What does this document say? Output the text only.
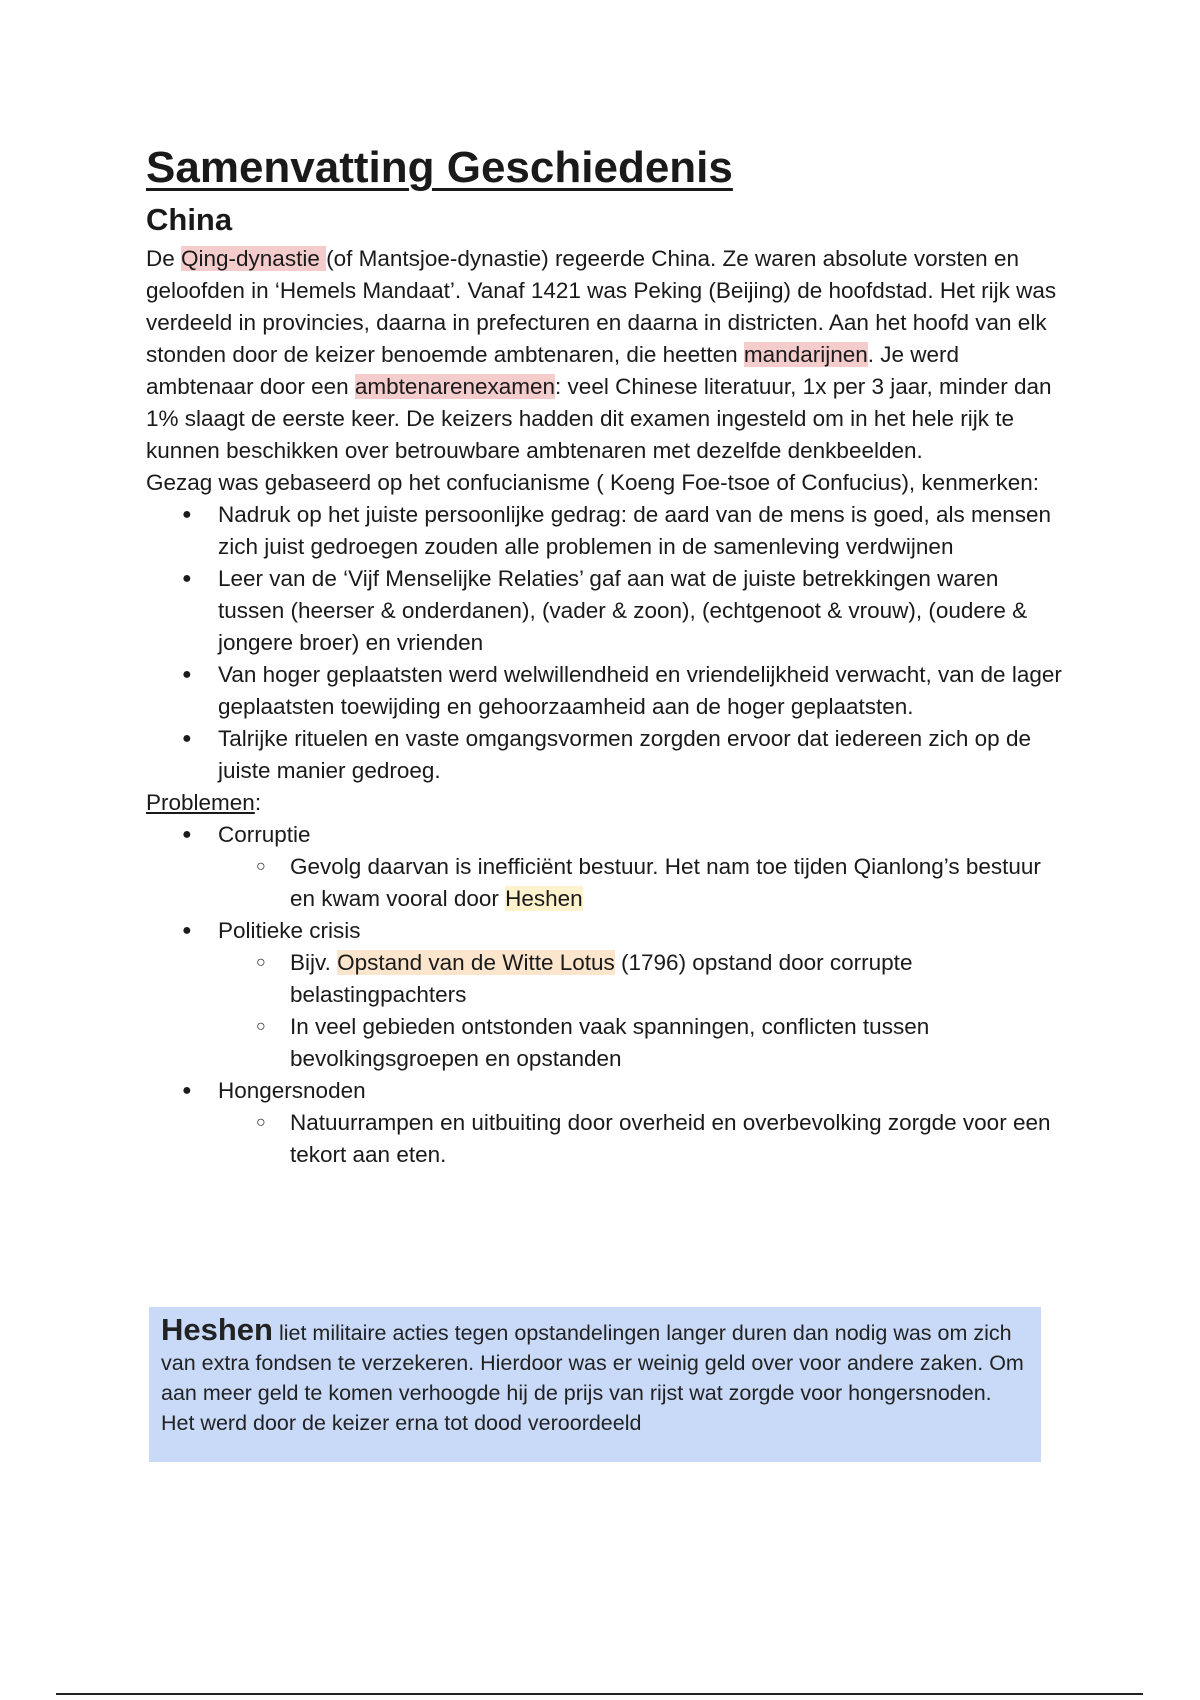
Samenvatting Geschiedenis
China

De Qing-dynastie (of Mantsjoe-dynastie) regeerde China. Ze waren absolute vorsten en geloofden in ‘Hemels Mandaat’. Vanaf 1421 was Peking (Beijing) de hoofdstad. Het rijk was verdeeld in provincies, daarna in prefecturen en daarna in districten. Aan het hoofd van elk stonden door de keizer benoemde ambtenaren, die heetten mandarijnen. Je werd ambtenaar door een ambtenarenexamen: veel Chinese literatuur, 1x per 3 jaar, minder dan 1% slaagt de eerste keer. De keizers hadden dit examen ingesteld om in het hele rijk te kunnen beschikken over betrouwbare ambtenaren met dezelfde denkbeelden.

Gezag was gebaseerd op het confucianisme ( Koeng Foe-tsoe of Confucius), kenmerken:

● Nadruk op het juiste persoonlijke gedrag: de aard van de mens is goed, als mensen zich juist gedroegen zouden alle problemen in de samenleving verdwijnen
● Leer van de ‘Vijf Menselijke Relaties’ gaf aan wat de juiste betrekkingen waren tussen (heerser & onderdanen), (vader & zoon), (echtgenoot & vrouw), (oudere & jongere broer) en vrienden
● Van hoger geplaatsten werd welwillendheid en vriendelijkheid verwacht, van de lager geplaatsten toewijding en gehoorzaamheid aan de hoger geplaatsten.
● Talrijke rituelen en vaste omgangsvormen zorgden ervoor dat iedereen zich op de juiste manier gedroeg.
Problemen:
● Corruptie
○ Gevolg daarvan is inefficiënt bestuur. Het nam toe tijden Qianlong’s bestuur en kwam vooral door Heshen
● Politieke crisis
○ Bijv. Opstand van de Witte Lotus (1796) opstand door corrupte belastingpachters
○ In veel gebieden ontstonden vaak spanningen, conflicten tussen bevolkingsgroepen en opstanden
● Hongersnoden
○ Natuurrampen en uitbuiting door overheid en overbevolking zorgde voor een tekort aan eten.
Heshen liet militaire acties tegen opstandelingen langer duren dan nodig was om zich van extra fondsen te verzekeren. Hierdoor was er weinig geld over voor andere zaken. Om aan meer geld te komen verhoogde hij de prijs van rijst wat zorgde voor hongersnoden. Het werd door de keizer erna tot dood veroordeeld
